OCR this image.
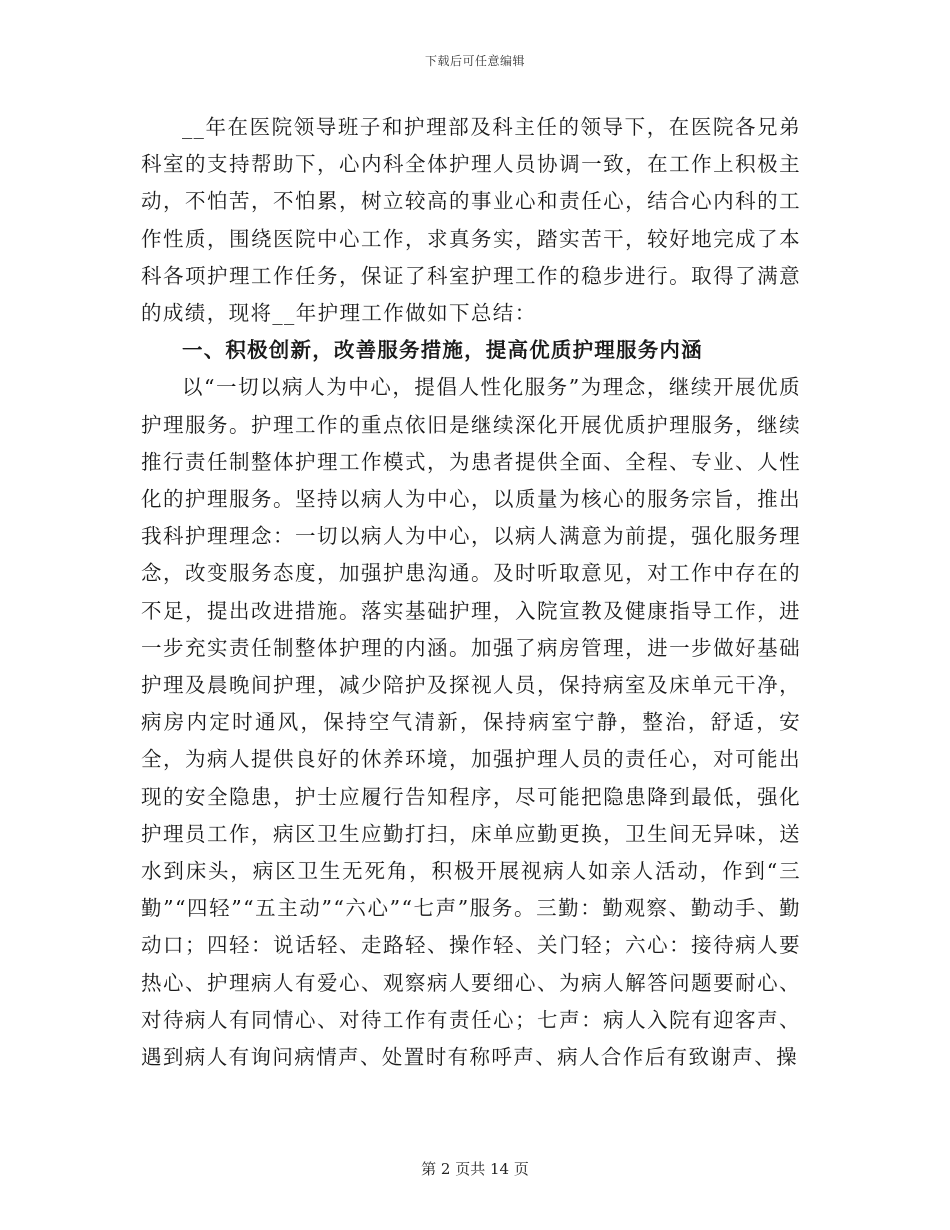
下载后可任意编辑

__年在医院领导班子和护理部及科主任的领导下，在医院各兄弟科室的支持帮助下，心内科全体护理人员协调一致，在工作上积极主动，不怕苦，不怕累，树立较高的事业心和责任心，结合心内科的工作性质，围绕医院中心工作，求真务实，踏实苦干，较好地完成了本科各项护理工作任务，保证了科室护理工作的稳步进行。取得了满意的成绩，现将__年护理工作做如下总结：

一、积极创新，改善服务措施，提高优质护理服务内涵

以“一切以病人为中心，提倡人性化服务”为理念，继续开展优质护理服务。护理工作的重点依旧是继续深化开展优质护理服务，继续推行责任制整体护理工作模式，为患者提供全面、全程、专业、人性化的护理服务。坚持以病人为中心，以质量为核心的服务宗旨，推出我科护理理念：一切以病人为中心，以病人满意为前提，强化服务理念，改变服务态度，加强护患沟通。及时听取意见，对工作中存在的不足，提出改进措施。落实基础护理，入院宣教及健康指导工作，进一步充实责任制整体护理的内涵。加强了病房管理，进一步做好基础护理及晨晚间护理，减少陪护及探视人员，保持病室及床单元干净，病房内定时通风，保持空气清新，保持病室宁静，整治，舒适，安全，为病人提供良好的休养环境，加强护理人员的责任心，对可能出现的安全隐患，护士应履行告知程序，尽可能把隐患降到最低，强化护理员工作，病区卫生应勤打扫，床单应勤更换，卫生间无异味，送水到床头，病区卫生无死角，积极开展视病人如亲人活动，作到“三勤”“四轻”“五主动”“六心”“七声”服务。三勤：勤观察、勤动手、勤动口；四轻：说话轻、走路轻、操作轻、关门轻；六心：接待病人要热心、护理病人有爱心、观察病人要细心、为病人解答问题要耐心、对待病人有同情心、对待工作有责任心；七声：病人入院有迎客声、遇到病人有询问病情声、处置时有称呼声、病人合作后有致谢声、操

第 2 页共 14 页
